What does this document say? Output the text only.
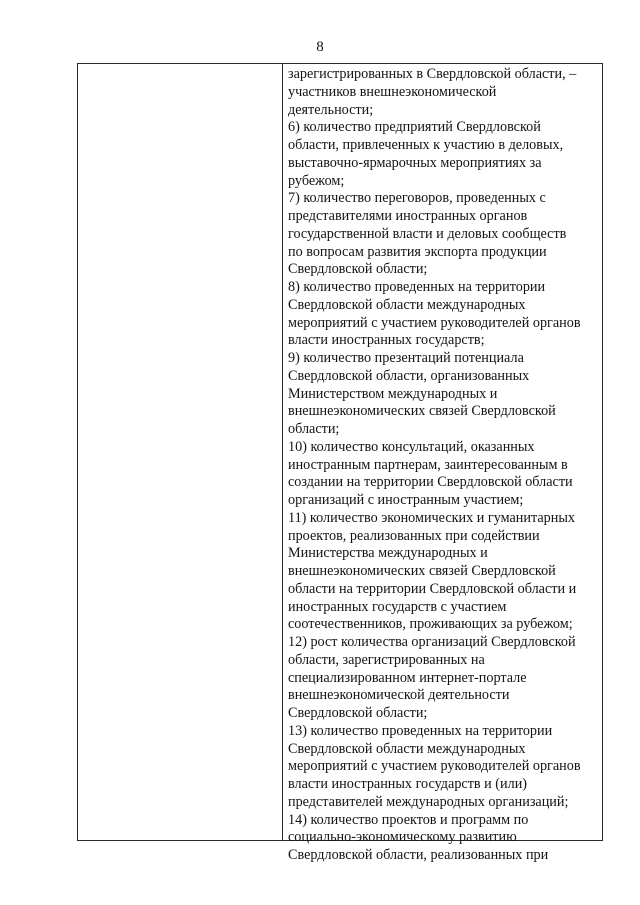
8
зарегистрированных в Свердловской области, –
участников внешнеэкономической
деятельности;
6) количество предприятий Свердловской
области, привлеченных к участию в деловых,
выставочно-ярмарочных мероприятиях за
рубежом;
7) количество переговоров, проведенных с
представителями иностранных органов
государственной власти и деловых сообществ
по вопросам развития экспорта продукции
Свердловской области;
8) количество проведенных на территории
Свердловской области международных
мероприятий с участием руководителей органов
власти иностранных государств;
9) количество презентаций потенциала
Свердловской области, организованных
Министерством международных и
внешнеэкономических связей Свердловской
области;
10) количество консультаций, оказанных
иностранным партнерам, заинтересованным в
создании на территории Свердловской области
организаций с иностранным участием;
11) количество экономических и гуманитарных
проектов, реализованных при содействии
Министерства международных и
внешнеэкономических связей Свердловской
области на территории Свердловской области и
иностранных государств с участием
соотечественников, проживающих за рубежом;
12) рост количества организаций Свердловской
области, зарегистрированных на
специализированном интернет-портале
внешнеэкономической деятельности
Свердловской области;
13) количество проведенных на территории
Свердловской области международных
мероприятий с участием руководителей органов
власти иностранных государств и (или)
представителей международных организаций;
14) количество проектов и программ по
социально-экономическому развитию
Свердловской области, реализованных при
